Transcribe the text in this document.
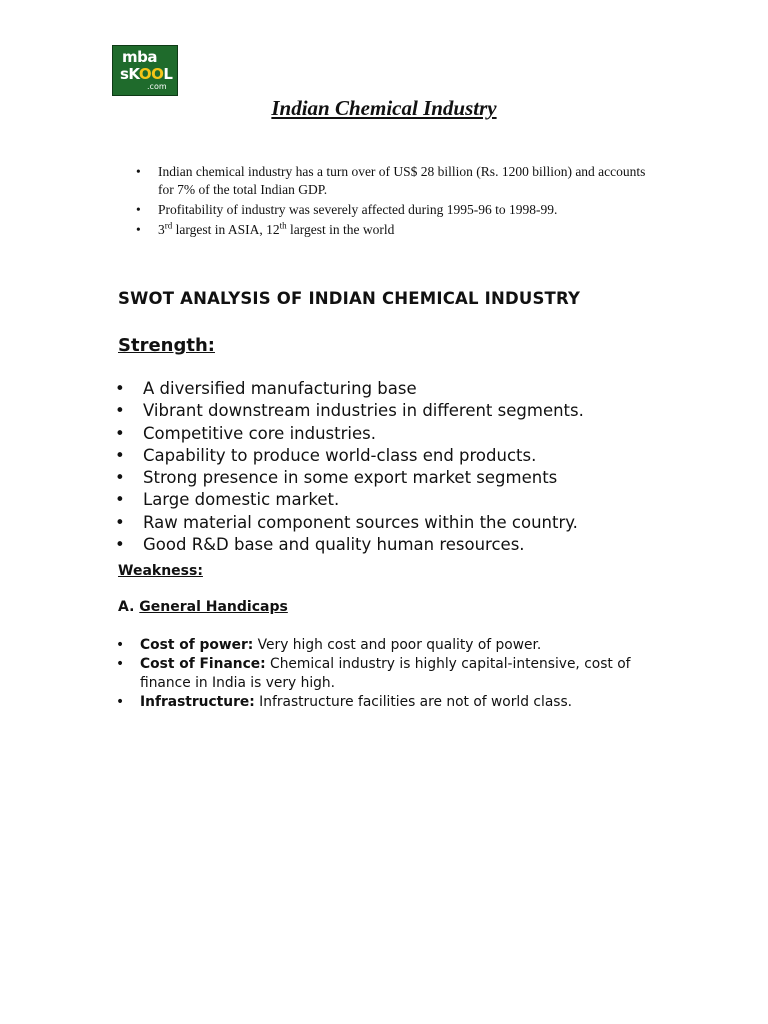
mba
sKOOL
.com
Indian Chemical Industry
• Indian chemical industry has a turn over of US$ 28 billion (Rs. 1200 billion) and accounts for 7% of the total Indian GDP.
• Profitability of industry was severely affected during 1995-96 to 1998-99.
• 3rd largest in ASIA, 12th largest in the world
SWOT ANALYSIS OF INDIAN CHEMICAL INDUSTRY
Strength:
• A diversified manufacturing base
• Vibrant downstream industries in different segments.
• Competitive core industries.
• Capability to produce world-class end products.
• Strong presence in some export market segments
• Large domestic market.
• Raw material component sources within the country.
• Good R&D base and quality human resources.
Weakness:
A. General Handicaps
• Cost of power: Very high cost and poor quality of power.
• Cost of Finance: Chemical industry is highly capital-intensive, cost of finance in India is very high.
• Infrastructure: Infrastructure facilities are not of world class.
